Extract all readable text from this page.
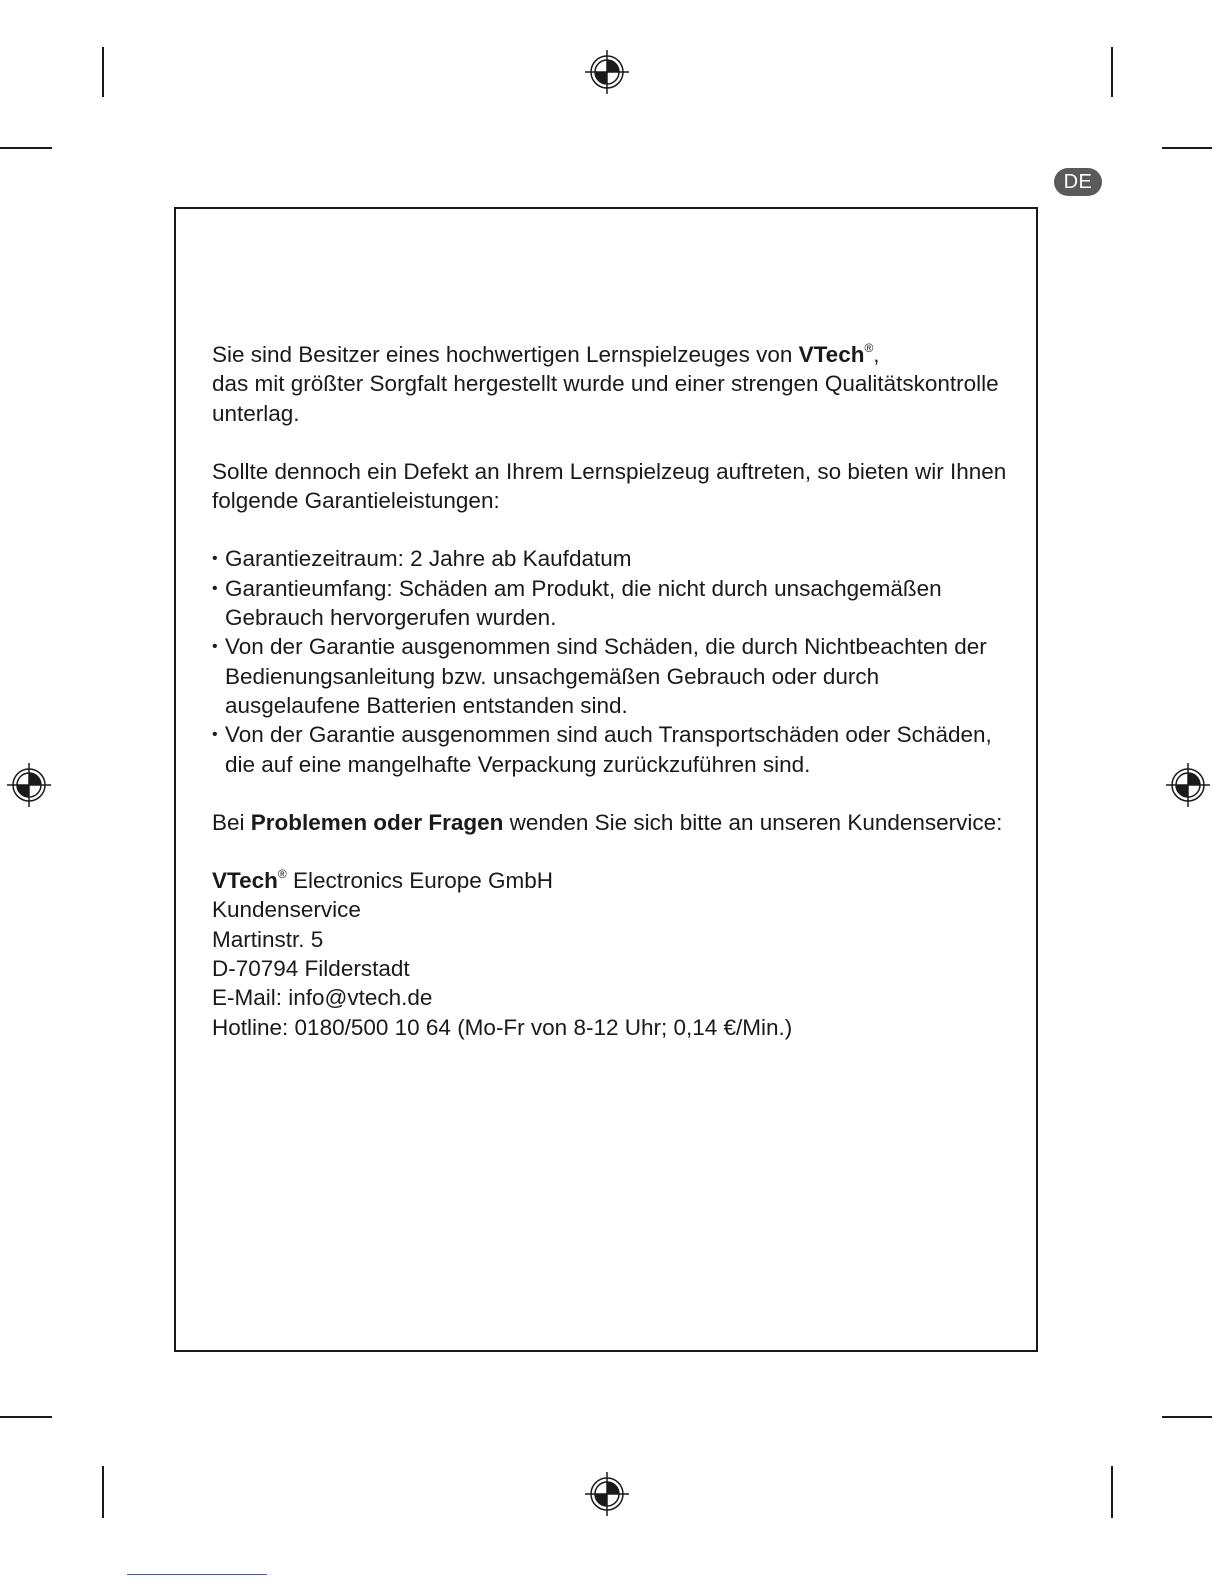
DE

Sie sind Besitzer eines hochwertigen Lernspielzeuges von VTech®,
das mit größter Sorgfalt hergestellt wurde und einer strengen Qualitätskontrolle unterlag.

Sollte dennoch ein Defekt an Ihrem Lernspielzeug auftreten, so bieten wir Ihnen folgende Garantieleistungen:

• Garantiezeitraum: 2 Jahre ab Kaufdatum
• Garantieumfang: Schäden am Produkt, die nicht durch unsachgemäßen Gebrauch hervorgerufen wurden.
• Von der Garantie ausgenommen sind Schäden, die durch Nichtbeachten der Bedienungsanleitung bzw. unsachgemäßen Gebrauch oder durch ausgelaufene Batterien entstanden sind.
• Von der Garantie ausgenommen sind auch Transportschäden oder Schäden, die auf eine mangelhafte Verpackung zurückzuführen sind.

Bei Problemen oder Fragen wenden Sie sich bitte an unseren Kundenservice:

VTech® Electronics Europe GmbH

Kundenservice

Martinstr. 5

D-70794 Filderstadt

E-Mail: info@vtech.de

Hotline: 0180/500 10 64 (Mo-Fr von 8-12 Uhr; 0,14 €/Min.)
